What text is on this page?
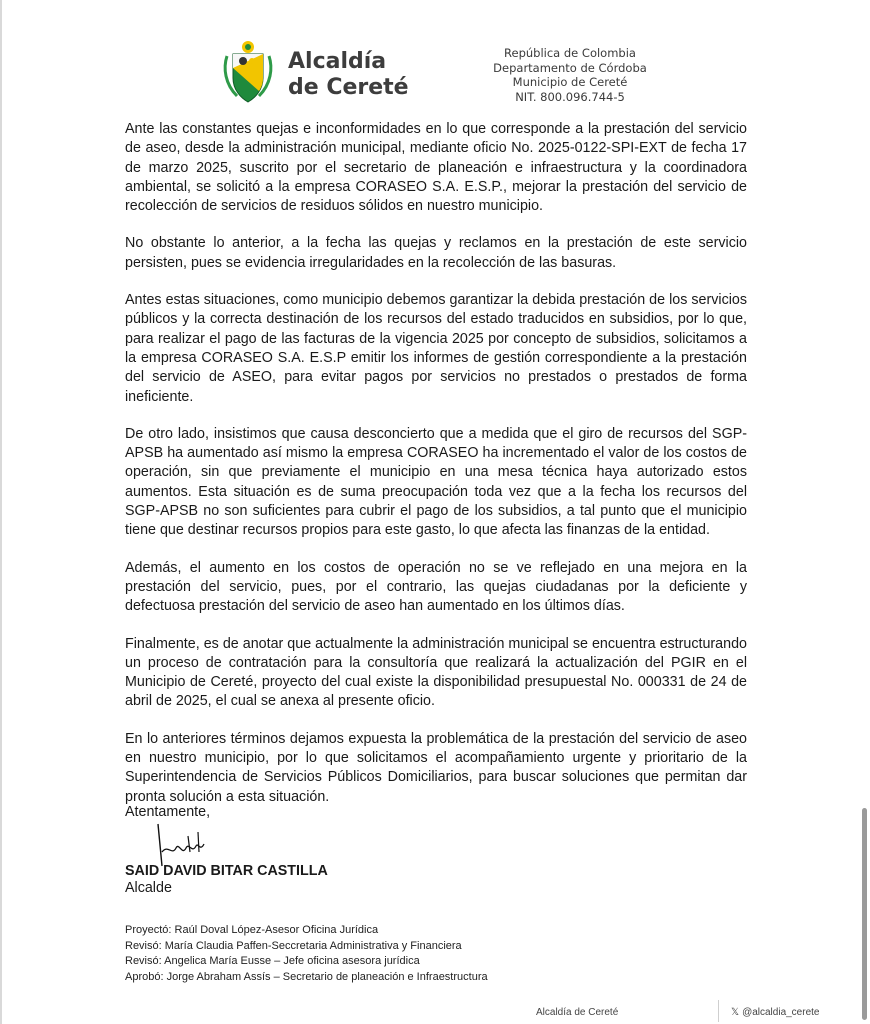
Alcaldía
de Cereté
República de Colombia
Departamento de Córdoba
Municipio de Cereté
NIT. 800.096.744-5

Ante las constantes quejas e inconformidades en lo que corresponde a la prestación del servicio de aseo, desde la administración municipal, mediante oficio No. 2025-0122-SPI-EXT de fecha 17 de marzo 2025, suscrito por el secretario de planeación e infraestructura y la coordinadora ambiental, se solicitó a la empresa CORASEO S.A. E.S.P., mejorar la prestación del servicio de recolección de servicios de residuos sólidos en nuestro municipio.

No obstante lo anterior, a la fecha las quejas y reclamos en la prestación de este servicio persisten, pues se evidencia irregularidades en la recolección de las basuras.

Antes estas situaciones, como municipio debemos garantizar la debida prestación de los servicios públicos y la correcta destinación de los recursos del estado traducidos en subsidios, por lo que, para realizar el pago de las facturas de la vigencia 2025 por concepto de subsidios, solicitamos a la empresa CORASEO S.A. E.S.P emitir los informes de gestión correspondiente a la prestación del servicio de ASEO, para evitar pagos por servicios no prestados o prestados de forma ineficiente.

De otro lado, insistimos que causa desconcierto que a medida que el giro de recursos del SGP-APSB ha aumentado así mismo la empresa CORASEO ha incrementado el valor de los costos de operación, sin que previamente el municipio en una mesa técnica haya autorizado estos aumentos. Esta situación es de suma preocupación toda vez que a la fecha los recursos del SGP-APSB no son suficientes para cubrir el pago de los subsidios, a tal punto que el municipio tiene que destinar recursos propios para este gasto, lo que afecta las finanzas de la entidad.

Además, el aumento en los costos de operación no se ve reflejado en una mejora en la prestación del servicio, pues, por el contrario, las quejas ciudadanas por la deficiente y defectuosa prestación del servicio de aseo han aumentado en los últimos días.

Finalmente, es de anotar que actualmente la administración municipal se encuentra estructurando un proceso de contratación para la consultoría que realizará la actualización del PGIR en el Municipio de Cereté, proyecto del cual existe la disponibilidad presupuestal No. 000331 de 24 de abril de 2025, el cual se anexa al presente oficio.

En lo anteriores términos dejamos expuesta la problemática de la prestación del servicio de aseo en nuestro municipio, por lo que solicitamos el acompañamiento urgente y prioritario de la Superintendencia de Servicios Públicos Domiciliarios, para buscar soluciones que permitan dar pronta solución a esta situación.

Atentamente,
SAID DAVID BITAR CASTILLA
Alcalde
Proyectó: Raúl Doval López-Asesor Oficina Jurídica
Revisó: María Claudia Paffen-Seccretaria Administrativa y Financiera
Revisó: Angelica María Eusse – Jefe oficina asesora jurídica
Aprobó: Jorge Abraham Assís – Secretario de planeación e Infraestructura
Alcaldía de Cereté	𝕏 @alcaldia_cerete
